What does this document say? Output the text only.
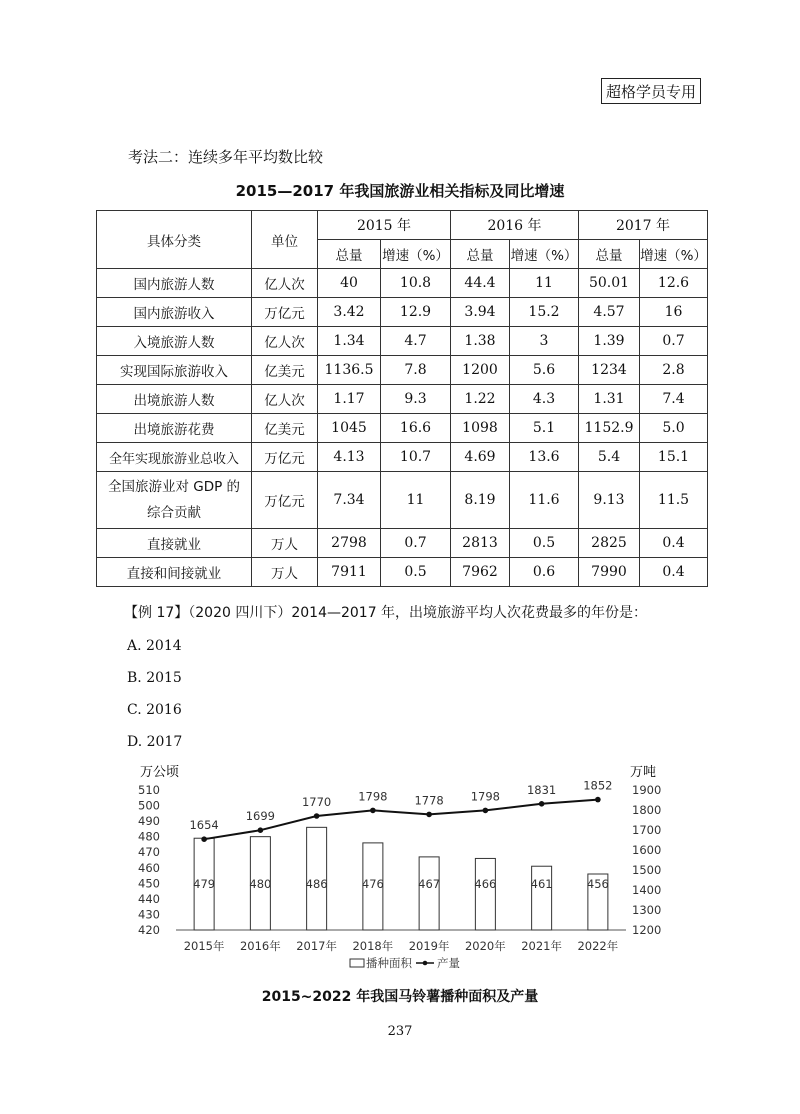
超格学员专用
考法二：连续多年平均数比较
2015—2017 年我国旅游业相关指标及同比增速
具体分类	单位	2015 年		2016 年		2017 年	
		总量	增速（%）	总量	增速（%）	总量	增速（%）
国内旅游人数	亿人次	40	10.8	44.4	11	50.01	12.6
国内旅游收入	万亿元	3.42	12.9	3.94	15.2	4.57	16
入境旅游人数	亿人次	1.34	4.7	1.38	3	1.39	0.7
实现国际旅游收入	亿美元	1136.5	7.8	1200	5.6	1234	2.8
出境旅游人数	亿人次	1.17	9.3	1.22	4.3	1.31	7.4
出境旅游花费	亿美元	1045	16.6	1098	5.1	1152.9	5.0
全年实现旅游业总收入	万亿元	4.13	10.7	4.69	13.6	5.4	15.1

全国旅游业对 GDP 的
综合贡献	万亿元	7.34	11	8.19	11.6	9.13	11.5
直接就业	万人	2798	0.7	2813	0.5	2825	0.4
直接和间接就业	万人	7911	0.5	7962	0.6	7990	0.4
【例 17】（2020 四川下）2014—2017 年，出境旅游平均人次花费最多的年份是：
A. 2014
B. 2015
C. 2016
D. 2017
万公顷	万吨
420
430
440
450
460
470
480
490
500
510
1200
1300
1400
1500
1600
1700
1800
1900
2015年 2016年 2017年 2018年 2019年 2020年 2021年 2022年
479	480	486	476	467	466	461	456
1654
1699
1770 1798 1778 1798 1831 1852
播种面积 产量
2015~2022 年我国马铃薯播种面积及产量
237
